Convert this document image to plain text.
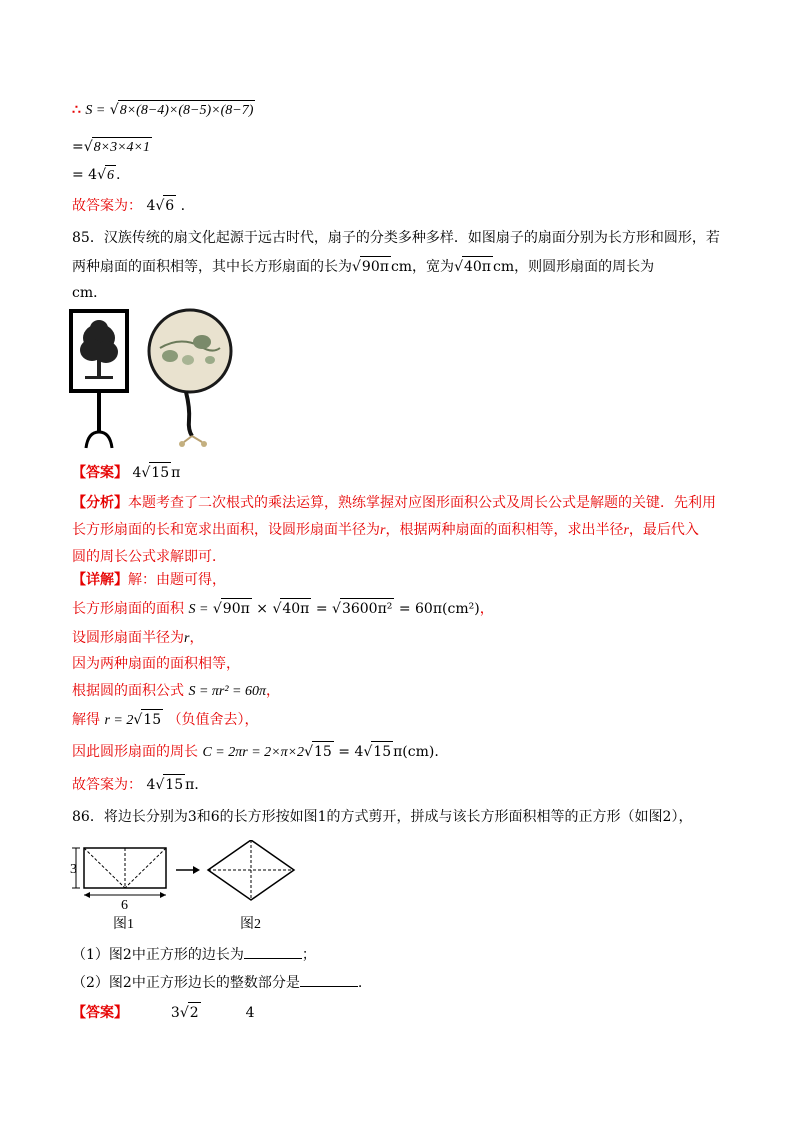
∴ S = √8×(8−4)×(8−5)×(8−7)
=√8×3×4×1
= 4√6 .
故答案为： 4√6 .
85．汉族传统的扇文化起源于远古时代，扇子的分类多种多样．如图扇子的扇面分别为长方形和圆形，若
两种扇面的面积相等，其中长方形扇面的长为√90π cm，宽为√40π cm，则圆形扇面的周长为
cm．
【答案】 4√15 π
【分析】本题考查了二次根式的乘法运算，熟练掌握对应图形面积公式及周长公式是解题的关键．先利用
长方形扇面的长和宽求出面积，设圆形扇面半径为r，根据两种扇面的面积相等，求出半径r，最后代入
圆的周长公式求解即可．
【详解】解：由题可得，
长方形扇面的面积 S = √90π × √40π = √3600π² = 60π(cm²)，
设圆形扇面半径为r，
因为两种扇面的面积相等，
根据圆的面积公式 S = πr² = 60π，
解得 r = 2√15 （负值舍去），
因此圆形扇面的周长 C = 2πr = 2×π×2√15 = 4√15 π(cm).
故答案为： 4√15 π．
86．将边长分别为3和6的长方形按如图1的方式剪开，拼成与该长方形面积相等的正方形（如图2），
3
6
图1	图2
（1）图2中正方形的边长为	；
（2）图2中正方形边长的整数部分是	.
【答案】	3√2	4
